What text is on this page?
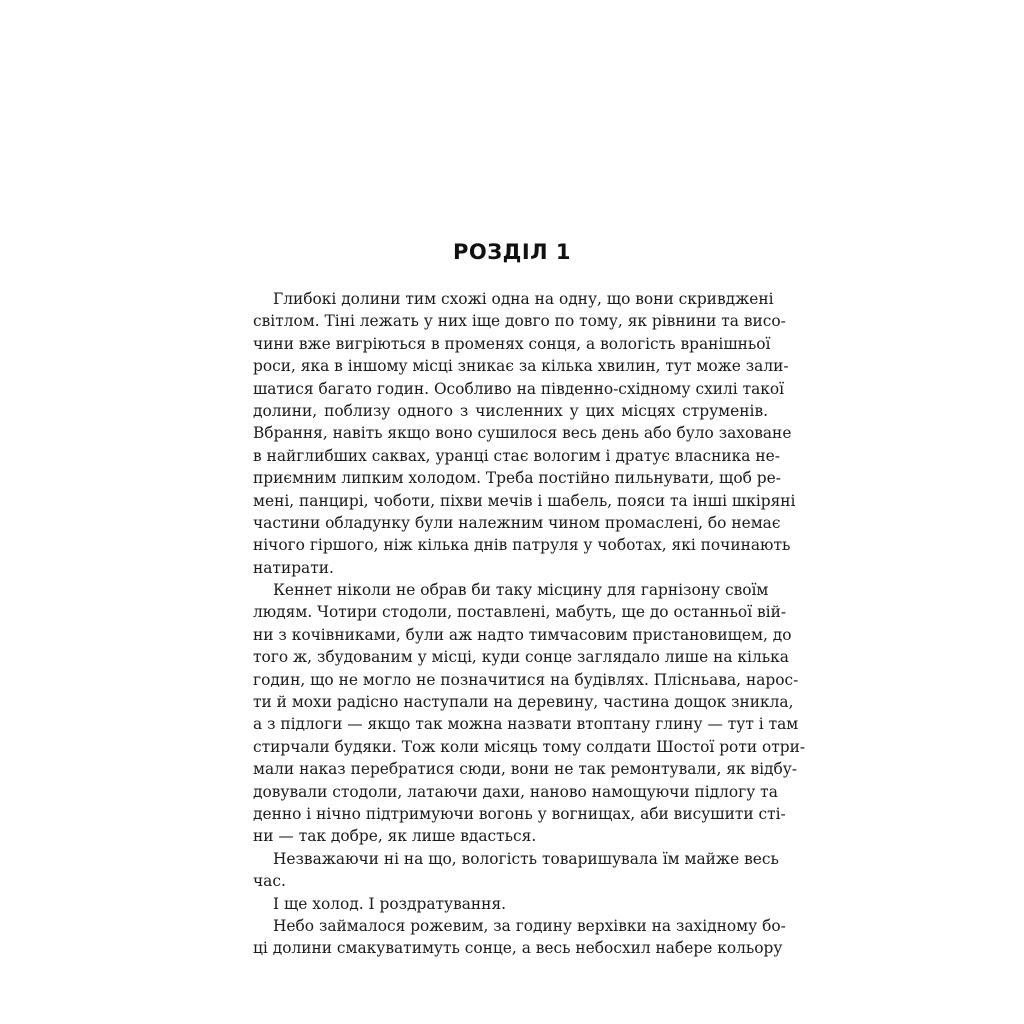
РОЗДІЛ 1
Глибокі долини тим схожі одна на одну, що вони скривджені
світлом. Тіні лежать у них іще довго по тому, як рівнини та висо-
чини вже вигріються в променях сонця, а вологість вранішньої
роси, яка в іншому місці зникає за кілька хвилин, тут може зали-
шатися багато годин. Особливо на південно-східному схилі такої
долини, поблизу одного з численних у цих місцях струменів.
Вбрання, навіть якщо воно сушилося весь день або було заховане
в найглибших саквах, уранці стає вологим і дратує власника не-
приємним липким холодом. Треба постійно пильнувати, щоб ре-
мені, панцирі, чоботи, піхви мечів і шабель, пояси та інші шкіряні
частини обладунку були належним чином промаслені, бо немає
нічого гіршого, ніж кілька днів патруля у чоботах, які починають
натирати.
Кеннет ніколи не обрав би таку місцину для гарнізону своїм
людям. Чотири стодоли, поставлені, мабуть, ще до останньої вій-
ни з кочівниками, були аж надто тимчасовим пристановищем, до
того ж, збудованим у місці, куди сонце заглядало лише на кілька
годин, що не могло не позначитися на будівлях. Плісньава, нарос-
ти й мохи радісно наступали на деревину, частина дощок зникла,
а з підлоги — якщо так можна назвати втоптану глину — тут і там
стирчали будяки. Тож коли місяць тому солдати Шостої роти отри-
мали наказ перебратися сюди, вони не так ремонтували, як відбу-
довували стодоли, латаючи дахи, наново намощуючи підлогу та
денно і нічно підтримуючи вогонь у вогнищах, аби висушити сті-
ни — так добре, як лише вдасться.
Незважаючи ні на що, вологість товаришувала їм майже весь
час.
І ще холод. І роздратування.
Небо займалося рожевим, за годину верхівки на західному бо-
ці долини смакуватимуть сонце, а весь небосхил набере кольору
